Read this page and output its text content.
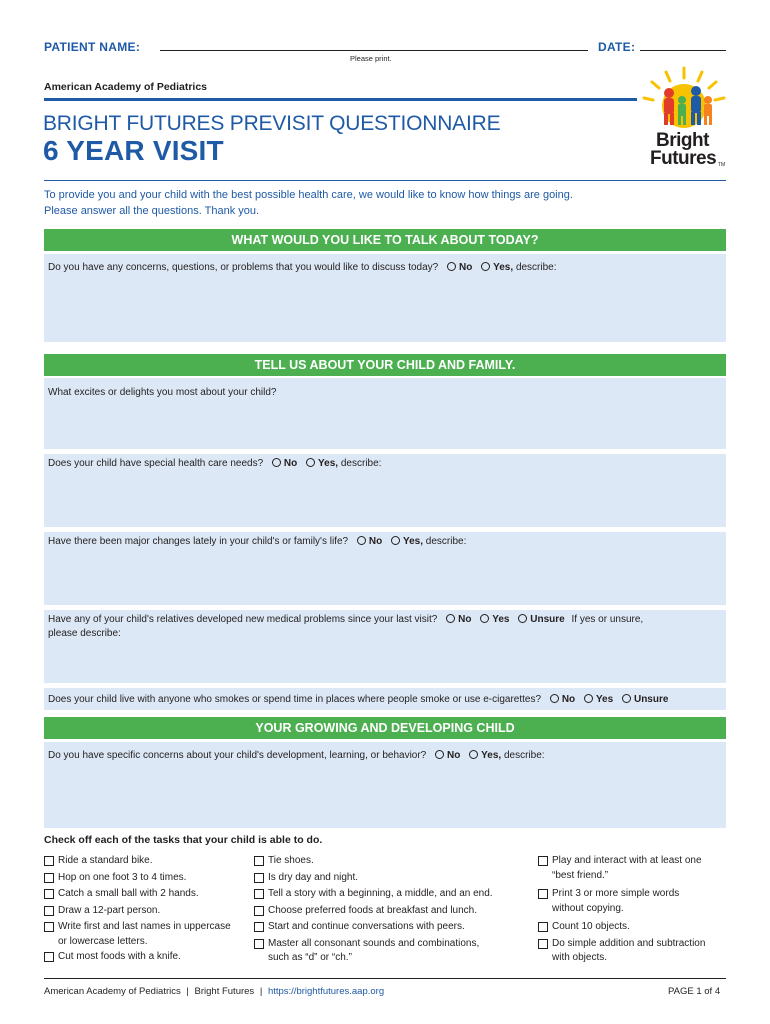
PATIENT NAME:
Please print.
DATE:
American Academy of Pediatrics
BRIGHT FUTURES PREVISIT QUESTIONNAIRE
6 YEAR VISIT	Bright
Futures TM
To provide you and your child with the best possible health care, we would like to know how things are going.
Please answer all the questions. Thank you.
WHAT WOULD YOU LIKE TO TALK ABOUT TODAY?
Do you have any concerns, questions, or problems that you would like to discuss today? No Yes, describe:
TELL US ABOUT YOUR CHILD AND FAMILY.
What excites or delights you most about your child?
Does your child have special health care needs? No Yes, describe:
Have there been major changes lately in your child's or family's life? No Yes, describe:
Have any of your child's relatives developed new medical problems since your last visit? No Yes Unsure If yes or unsure,
please describe:
Does your child live with anyone who smokes or spend time in places where people smoke or use e-cigarettes? No Yes Unsure
YOUR GROWING AND DEVELOPING CHILD
Do you have specific concerns about your child's development, learning, or behavior? No Yes, describe:
Check off each of the tasks that your child is able to do.
Ride a standard bike.
Hop on one foot 3 to 4 times.
Catch a small ball with 2 hands.
Draw a 12-part person.
Write first and last names in uppercase
or lowercase letters.
Cut most foods with a knife.
Tie shoes.
Is dry day and night.
Tell a story with a beginning, a middle, and an end.
Choose preferred foods at breakfast and lunch.
Start and continue conversations with peers.
Master all consonant sounds and combinations,
such as “d” or “ch.”
Play and interact with at least one
“best friend.”
Print 3 or more simple words
without copying.
Count 10 objects.
Do simple addition and subtraction
with objects.
American Academy of Pediatrics | Bright Futures | https://brightfutures.aap.org	PAGE 1 of 4
